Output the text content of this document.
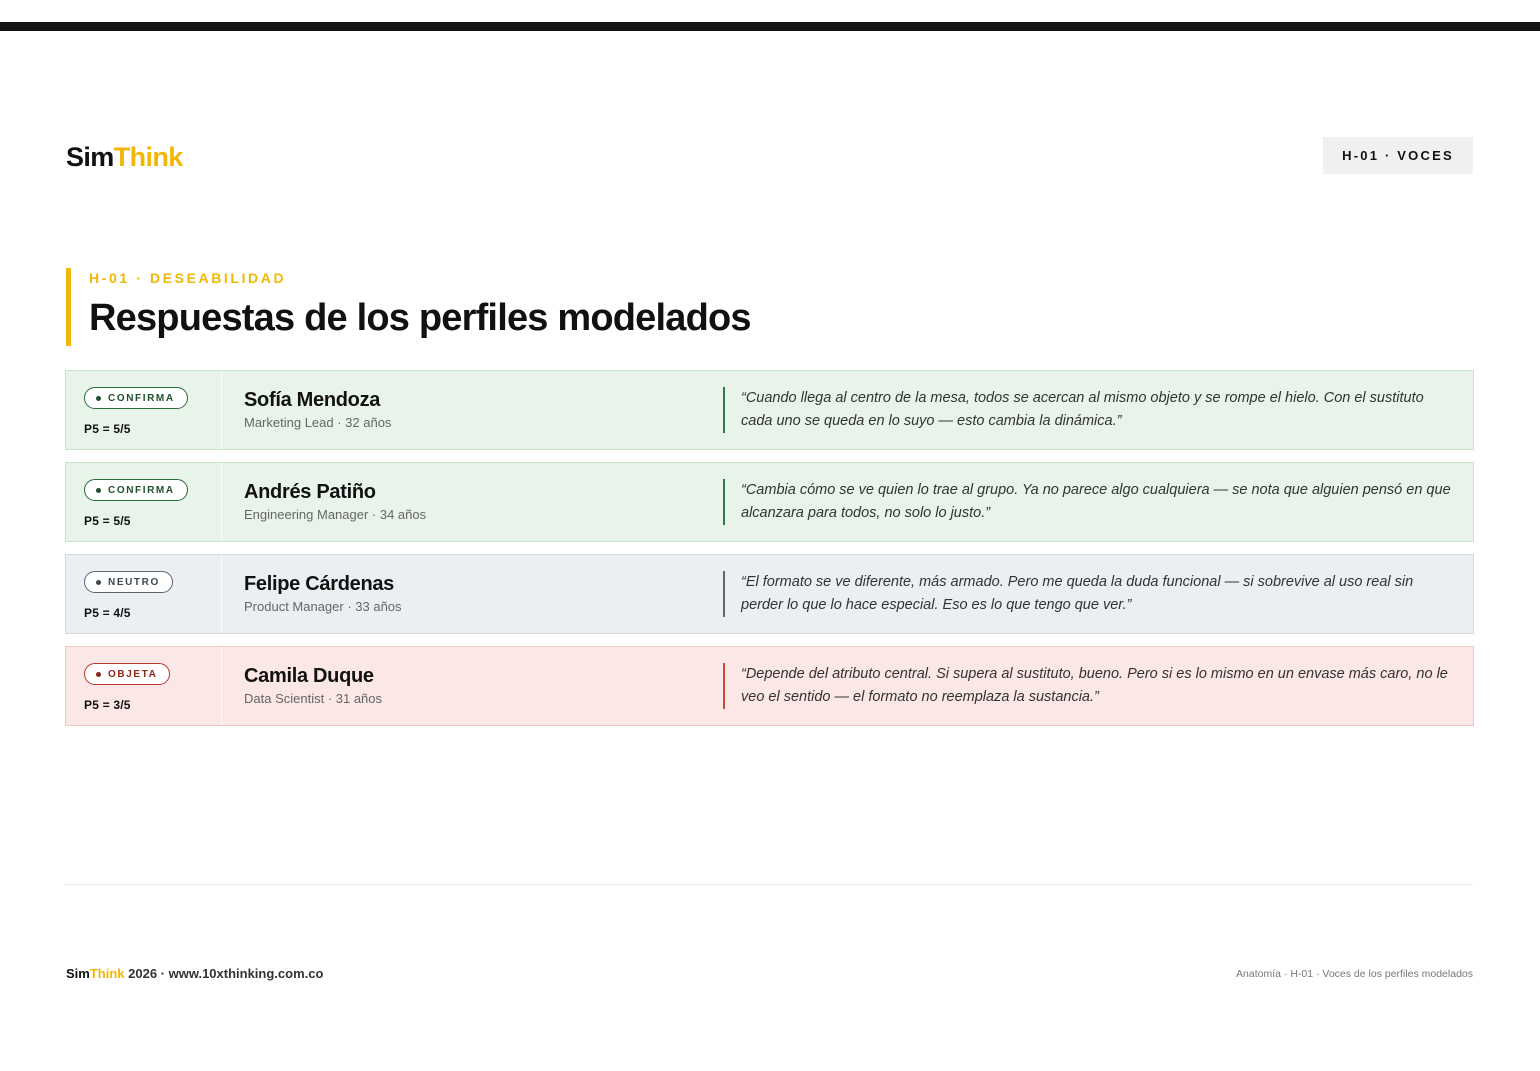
SimThink	H-01 · VOCES
H-01 · DESEABILIDAD
Respuestas de los perfiles modelados
CONFIRMA
P5 = 5/5
Sofía Mendoza
Marketing Lead · 32 años
“Cuando llega al centro de la mesa, todos se acercan al mismo objeto y se rompe el hielo. Con el sustituto cada uno se queda en lo suyo — esto cambia la dinámica.”
CONFIRMA
P5 = 5/5
Andrés Patiño
Engineering Manager · 34 años
“Cambia cómo se ve quien lo trae al grupo. Ya no parece algo cualquiera — se nota que alguien pensó en que alcanzara para todos, no solo lo justo.”
NEUTRO
P5 = 4/5
Felipe Cárdenas
Product Manager · 33 años
“El formato se ve diferente, más armado. Pero me queda la duda funcional — si sobrevive al uso real sin perder lo que lo hace especial. Eso es lo que tengo que ver.”
OBJETA
P5 = 3/5
Camila Duque
Data Scientist · 31 años
“Depende del atributo central. Si supera al sustituto, bueno. Pero si es lo mismo en un envase más caro, no le veo el sentido — el formato no reemplaza la sustancia.”
SimThink 2026 · www.10xthinking.com.co	Anatomía · H-01 · Voces de los perfiles modelados
